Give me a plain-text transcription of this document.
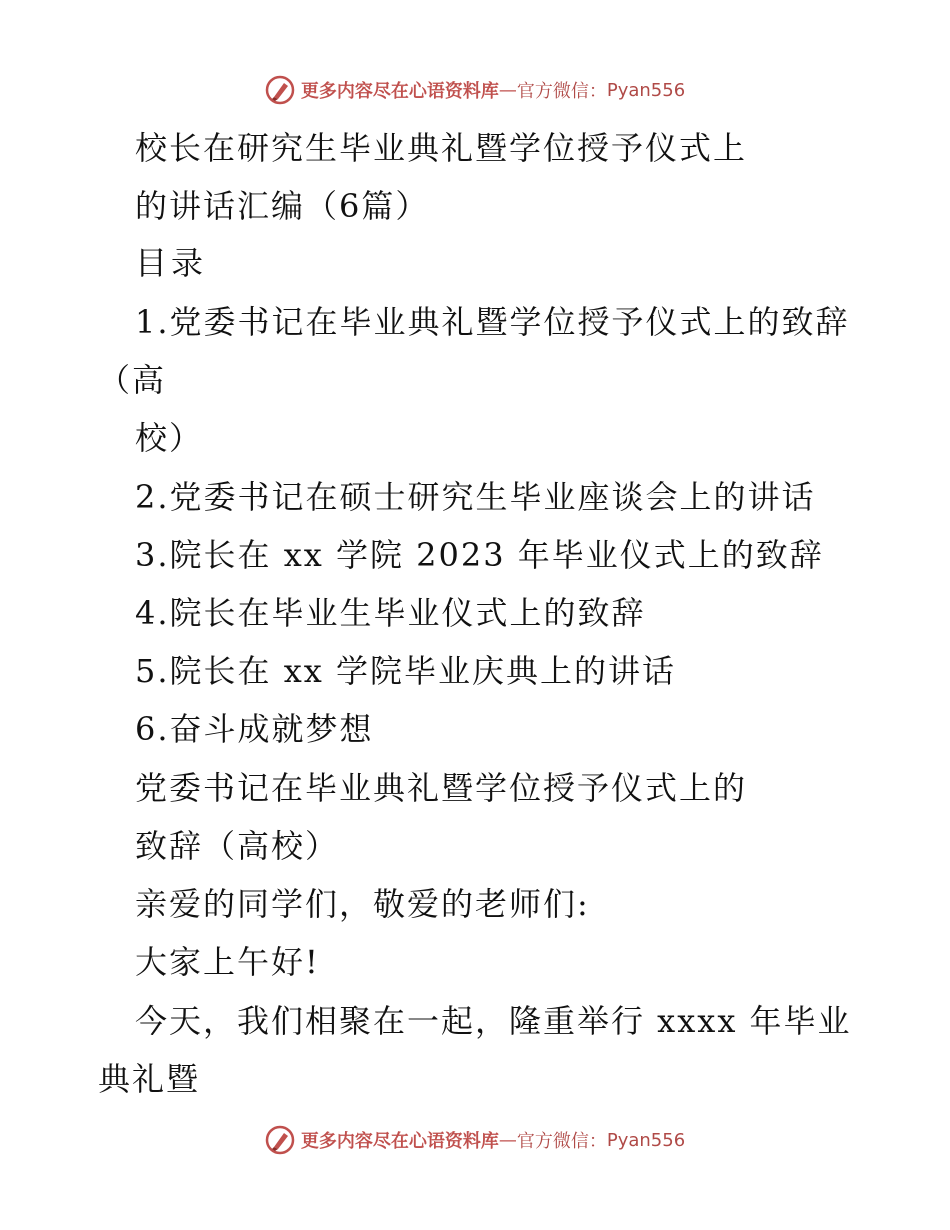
更多内容尽在心语资料库 — 官方微信： Pyan556
校长在研究生毕业典礼暨学位授予仪式上
的讲话汇编（6篇）
目录
1.党委书记在毕业典礼暨学位授予仪式上的致辞
（高
校）
2.党委书记在硕士研究生毕业座谈会上的讲话
3.院长在 xx 学院 2023 年毕业仪式上的致辞
4.院长在毕业生毕业仪式上的致辞
5.院长在 xx 学院毕业庆典上的讲话
6.奋斗成就梦想
党委书记在毕业典礼暨学位授予仪式上的
致辞（高校）
亲爱的同学们，敬爱的老师们:
大家上午好!
今天，我们相聚在一起，隆重举行 xxxx 年毕业
典礼暨
更多内容尽在心语资料库 — 官方微信： Pyan556
